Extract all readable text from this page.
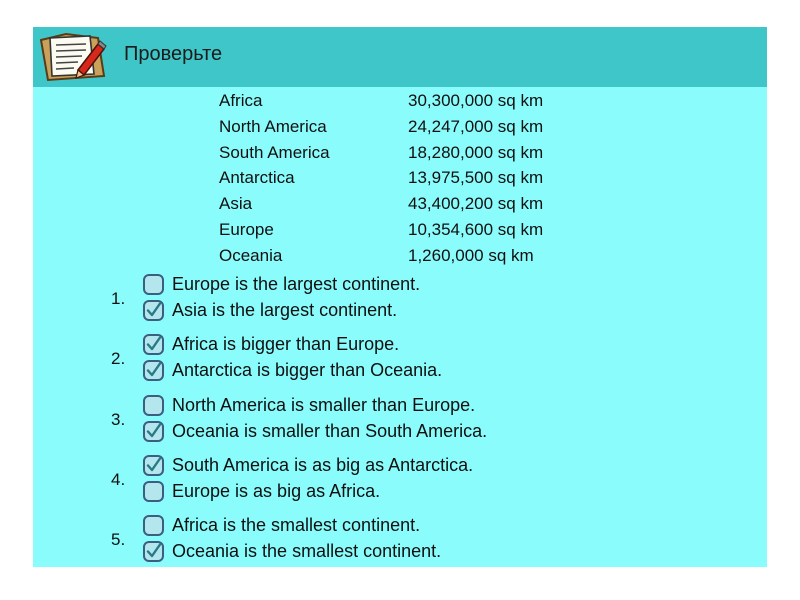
Проверьте
Africa	30,300,000 sq km
North America	24,247,000 sq km
South America	18,280,000 sq km
Antarctica	13,975,500 sq km
Asia	43,400,200 sq km
Europe	10,354,600 sq km
Oceania	1,260,000 sq km
1.
Europe is the largest continent.
Asia is the largest continent.
2.
Africa is bigger than Europe.
Antarctica is bigger than Oceania.
3.
North America is smaller than Europe.
Oceania is smaller than South America.
4.
South America is as big as Antarctica.
Europe is as big as Africa.
5.
Africa is the smallest continent.
Oceania is the smallest continent.
